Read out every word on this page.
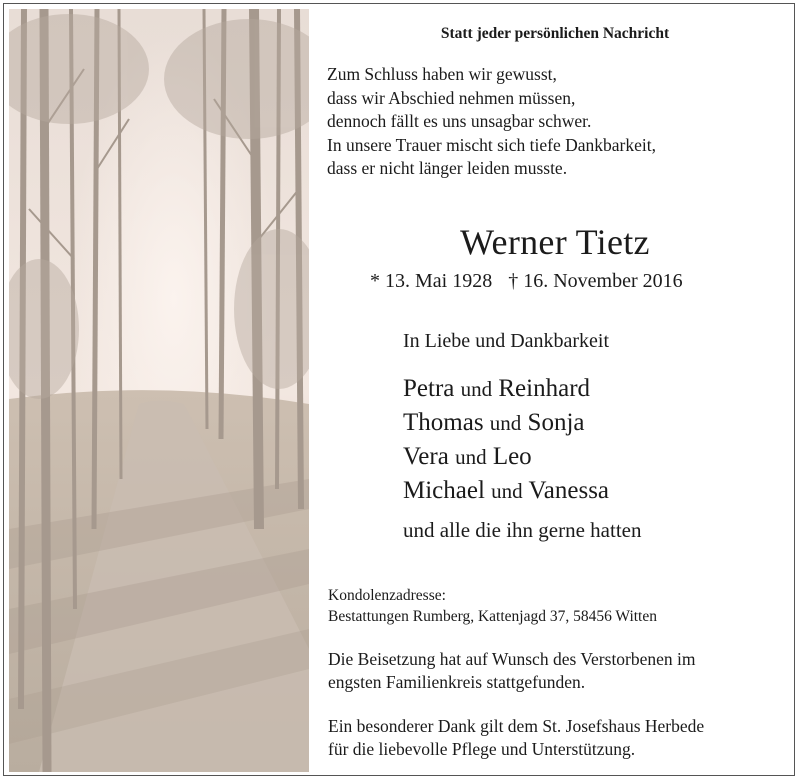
Statt jeder persönlichen Nachricht
Zum Schluss haben wir gewusst,
dass wir Abschied nehmen müssen,
dennoch fällt es uns unsagbar schwer.
In unsere Trauer mischt sich tiefe Dankbarkeit,
dass er nicht länger leiden musste.
Werner Tietz
* 13. Mai 1928 † 16. November 2016
In Liebe und Dankbarkeit
Petra und Reinhard
Thomas und Sonja
Vera und Leo
Michael und Vanessa
und alle die ihn gerne hatten
Kondolenzadresse:
Bestattungen Rumberg, Kattenjagd 37, 58456 Witten
Die Beisetzung hat auf Wunsch des Verstorbenen im
engsten Familienkreis stattgefunden.
Ein besonderer Dank gilt dem St. Josefshaus Herbede
für die liebevolle Pflege und Unterstützung.
